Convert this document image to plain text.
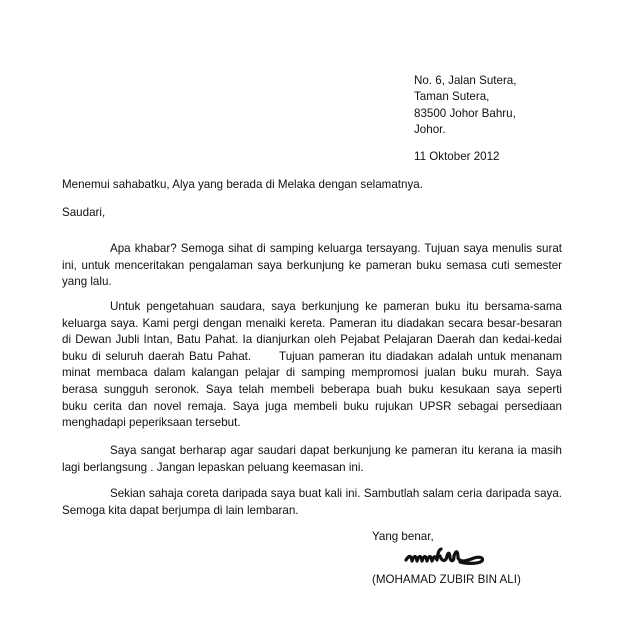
No. 6, Jalan Sutera,
Taman Sutera,
83500 Johor Bahru,
Johor.
11 Oktober 2012
Menemui sahabatku, Alya yang berada di Melaka dengan selamatnya.
Saudari,
Apa khabar? Semoga sihat di samping keluarga tersayang. Tujuan saya menulis surat
ini, untuk menceritakan pengalaman saya berkunjung ke pameran buku semasa cuti semester
yang lalu.
Untuk pengetahuan saudara, saya berkunjung ke pameran buku itu bersama-sama
keluarga saya. Kami pergi dengan menaiki kereta. Pameran itu diadakan secara besar-besaran
di Dewan Jubli Intan, Batu Pahat. Ia dianjurkan oleh Pejabat Pelajaran Daerah dan kedai-kedai
buku di seluruh daerah Batu Pahat.      Tujuan pameran itu diadakan adalah untuk menanam
minat membaca dalam kalangan pelajar di samping mempromosi jualan buku murah. Saya
berasa sungguh seronok. Saya telah membeli beberapa buah buku kesukaan saya seperti
buku cerita dan novel remaja. Saya juga membeli buku rujukan UPSR sebagai persediaan
menghadapi peperiksaan tersebut.
Saya sangat berharap agar saudari dapat berkunjung ke pameran itu kerana ia masih
lagi berlangsung . Jangan lepaskan peluang keemasan ini.
Sekian sahaja coreta daripada saya buat kali ini. Sambutlah salam ceria daripada saya.
Semoga kita dapat berjumpa di lain lembaran.
Yang benar,
(MOHAMAD ZUBIR BIN ALI)
